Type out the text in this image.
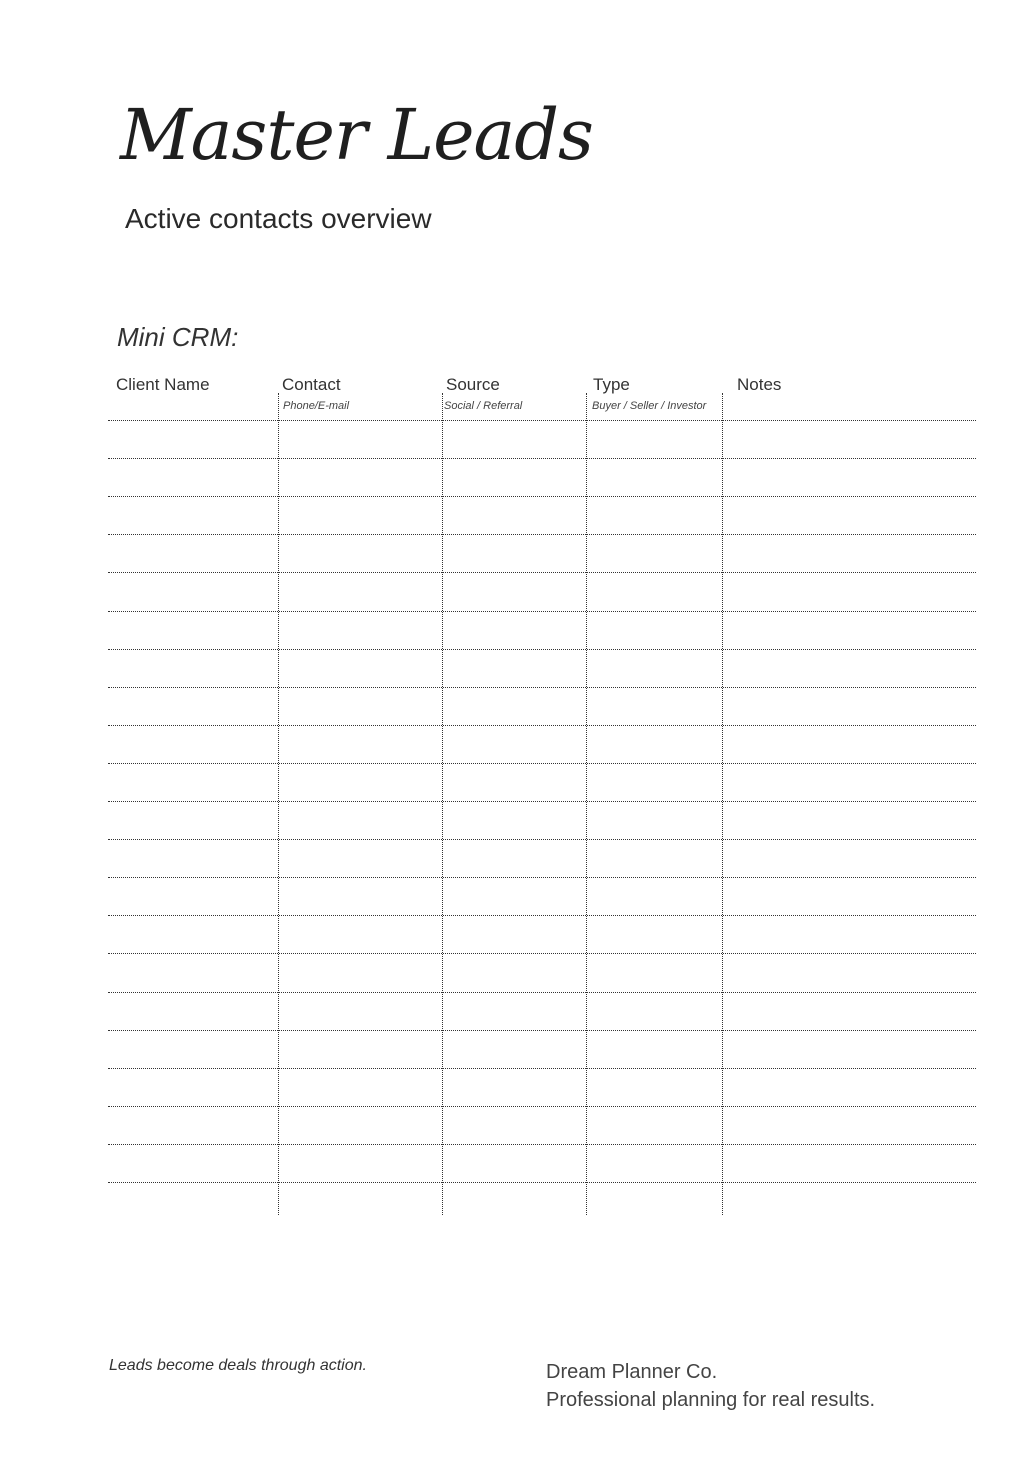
Master Leads
Active contacts overview
Mini CRM:
Client Name	Contact
Phone/E-mail
Source
Social / Referral
Type
Buyer / Seller / Investor
Notes
Leads become deals through action.	Dream Planner Co.
Professional planning for real results.
